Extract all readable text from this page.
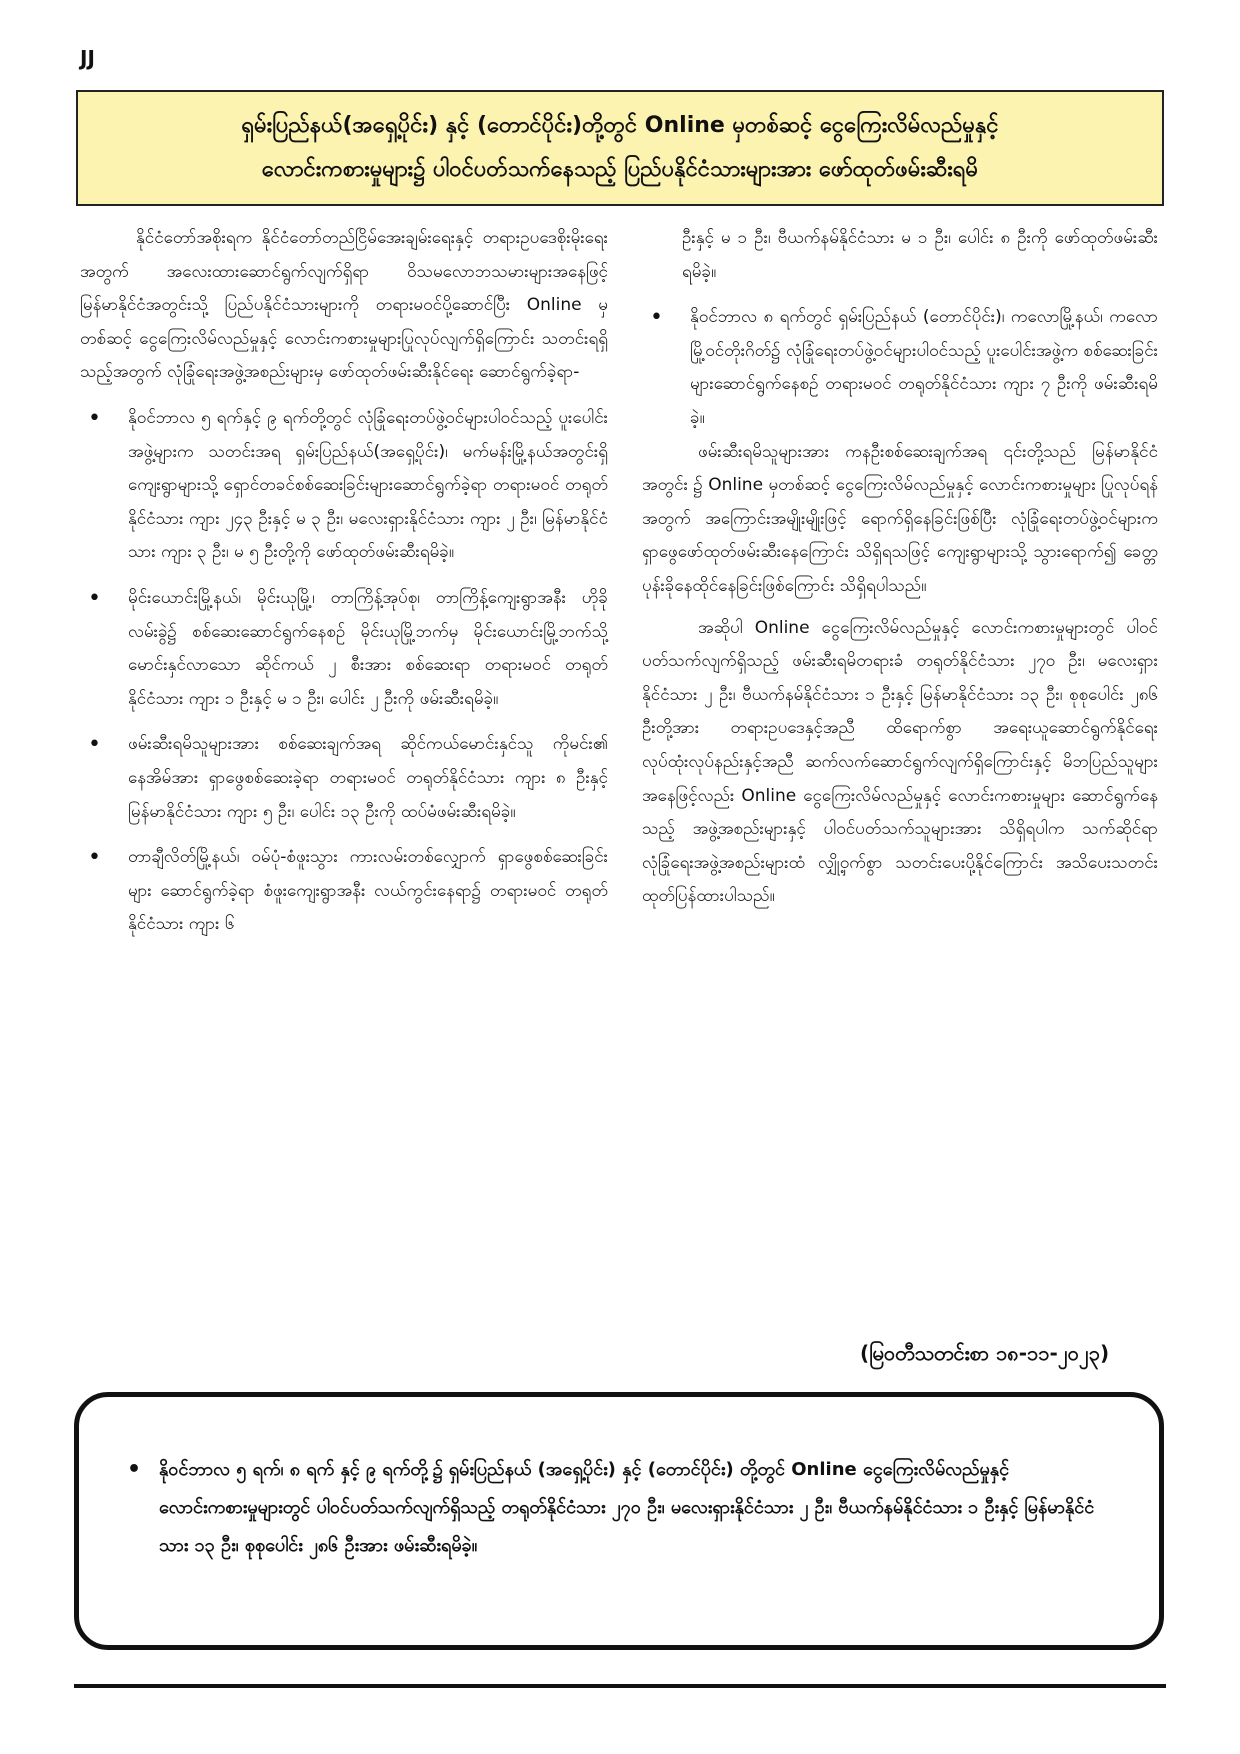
JJ
ရှမ်းပြည်နယ်(အရှေ့ပိုင်း) နှင့် (တောင်ပိုင်း)တို့တွင် Online မှတစ်ဆင့် ငွေကြေးလိမ်လည်မှုနှင့်
လောင်းကစားမှုများ၌ ပါဝင်ပတ်သက်နေသည့် ပြည်ပနိုင်ငံသားများအား ဖော်ထုတ်ဖမ်းဆီးရမိ

နိုင်ငံတော်အစိုးရက နိုင်ငံတော်တည်ငြိမ်အေးချမ်းရေးနှင့် တရားဥပဒေစိုးမိုးရေးအတွက် အလေးထားဆောင်ရွက်လျက်ရှိရာ ဝိသမလောဘသမားများအနေဖြင့် မြန်မာနိုင်ငံအတွင်းသို့ ပြည်ပနိုင်ငံသားများကို တရားမဝင်ပို့ဆောင်ပြီး Online မှတစ်ဆင့် ငွေကြေးလိမ်လည်မှုနှင့် လောင်းကစားမှုများပြုလုပ်လျက်ရှိကြောင်း သတင်းရရှိသည့်အတွက် လုံခြုံရေးအဖွဲ့အစည်းများမှ ဖော်ထုတ်ဖမ်းဆီးနိုင်ရေး ဆောင်ရွက်ခဲ့ရာ-

• နိုဝင်ဘာလ ၅ ရက်နှင့် ၉ ရက်တို့တွင် လုံခြုံရေးတပ်ဖွဲ့ဝင်များပါဝင်သည့် ပူးပေါင်းအဖွဲ့များက သတင်းအရ ရှမ်းပြည်နယ်(အရှေ့ပိုင်း)၊ မက်မန်းမြို့နယ်အတွင်းရှိ ကျေးရွာများသို့ ရှောင်တခင်စစ်ဆေးခြင်းများဆောင်ရွက်ခဲ့ရာ တရားမဝင် တရုတ်နိုင်ငံသား ကျား ၂၄၃ ဦးနှင့် မ ၃ ဦး၊ မလေးရှားနိုင်ငံသား ကျား ၂ ဦး၊ မြန်မာနိုင်ငံသား ကျား ၃ ဦး၊ မ ၅ ဦးတို့ကို ဖော်ထုတ်ဖမ်းဆီးရမိခဲ့။
• မိုင်းယောင်းမြို့နယ်၊ မိုင်းယုမြို့၊ တာကြိန့်အုပ်စု၊ တာကြိန့်ကျေးရွာအနီး ဟိုခိုလမ်းခွဲ၌ စစ်ဆေးဆောင်ရွက်နေစဉ် မိုင်းယုမြို့ဘက်မှ မိုင်းယောင်းမြို့ဘက်သို့ မောင်းနှင်လာသော ဆိုင်ကယ် ၂ စီးအား စစ်ဆေးရာ တရားမဝင် တရုတ်နိုင်ငံသား ကျား ၁ ဦးနှင့် မ ၁ ဦး၊ ပေါင်း ၂ ဦးကို ဖမ်းဆီးရမိခဲ့။
• ဖမ်းဆီးရမိသူများအား စစ်ဆေးချက်အရ ဆိုင်ကယ်မောင်းနှင်သူ ကိုမင်း၏ နေအိမ်အား ရှာဖွေစစ်ဆေးခဲ့ရာ တရားမဝင် တရုတ်နိုင်ငံသား ကျား ၈ ဦးနှင့် မြန်မာနိုင်ငံသား ကျား ၅ ဦး၊ ပေါင်း ၁၃ ဦးကို ထပ်မံဖမ်းဆီးရမိခဲ့။
• တာချီလိတ်မြို့နယ်၊ ဝမ်ပုံ-စံဖူးသွား ကားလမ်းတစ်လျှောက် ရှာဖွေစစ်ဆေးခြင်းများ ဆောင်ရွက်ခဲ့ရာ စံဖူးကျေးရွာအနီး လယ်ကွင်းနေရာ၌ တရားမဝင် တရုတ်နိုင်ငံသား ကျား ၆

ဦးနှင့် မ ၁ ဦး၊ ဗီယက်နမ်နိုင်ငံသား မ ၁ ဦး၊ ပေါင်း ၈ ဦးကို ဖော်ထုတ်ဖမ်းဆီးရမိခဲ့။

• နိုဝင်ဘာလ ၈ ရက်တွင် ရှမ်းပြည်နယ် (တောင်ပိုင်း)၊ ကလောမြို့နယ်၊ ကလောမြို့ဝင်တိုးဂိတ်၌ လုံခြုံရေးတပ်ဖွဲ့ဝင်များပါဝင်သည့် ပူးပေါင်းအဖွဲ့က စစ်ဆေးခြင်းများဆောင်ရွက်နေစဉ် တရားမဝင် တရုတ်နိုင်ငံသား ကျား ၇ ဦးကို ဖမ်းဆီးရမိခဲ့။

ဖမ်းဆီးရမိသူများအား ကနဦးစစ်ဆေးချက်အရ ၎င်းတို့သည် မြန်မာနိုင်ငံအတွင်း ၌ Online မှတစ်ဆင့် ငွေကြေးလိမ်လည်မှုနှင့် လောင်းကစားမှုများ ပြုလုပ်ရန်အတွက် အကြောင်းအမျိုးမျိုးဖြင့် ရောက်ရှိနေခြင်းဖြစ်ပြီး လုံခြုံရေးတပ်ဖွဲ့ဝင်များက ရှာဖွေဖော်ထုတ်ဖမ်းဆီးနေကြောင်း သိရှိရသဖြင့် ကျေးရွာများသို့ သွားရောက်၍ ခေတ္တပုန်းခိုနေထိုင်နေခြင်းဖြစ်ကြောင်း သိရှိရပါသည်။

အဆိုပါ Online ငွေကြေးလိမ်လည်မှုနှင့် လောင်းကစားမှုများတွင် ပါဝင်ပတ်သက်လျက်ရှိသည့် ဖမ်းဆီးရမိတရားခံ တရုတ်နိုင်ငံသား ၂၇၀ ဦး၊ မလေးရှားနိုင်ငံသား ၂ ဦး၊ ဗီယက်နမ်နိုင်ငံသား ၁ ဦးနှင့် မြန်မာနိုင်ငံသား ၁၃ ဦး၊ စုစုပေါင်း ၂၈၆ ဦးတို့အား တရားဥပဒေနှင့်အညီ ထိရောက်စွာ အရေးယူဆောင်ရွက်နိုင်ရေး လုပ်ထုံးလုပ်နည်းနှင့်အညီ ဆက်လက်ဆောင်ရွက်လျက်ရှိကြောင်းနှင့် မိဘပြည်သူများအနေဖြင့်လည်း Online ငွေကြေးလိမ်လည်မှုနှင့် လောင်းကစားမှုများ ဆောင်ရွက်နေသည့် အဖွဲ့အစည်းများနှင့် ပါဝင်ပတ်သက်သူများအား သိရှိရပါက သက်ဆိုင်ရာလုံခြုံရေးအဖွဲ့အစည်းများထံ လျှို့ဝှက်စွာ သတင်းပေးပို့နိုင်ကြောင်း အသိပေးသတင်းထုတ်ပြန်ထားပါသည်။

(မြဝတီသတင်းစာ ၁၈-၁၁-၂၀၂၃)
• နိုဝင်ဘာလ ၅ ရက်၊ ၈ ရက် နှင့် ၉ ရက်တို့၌ ရှမ်းပြည်နယ် (အရှေ့ပိုင်း) နှင့် (တောင်ပိုင်း) တို့တွင် Online ငွေကြေးလိမ်လည်မှုနှင့် လောင်းကစားမှုများတွင် ပါဝင်ပတ်သက်လျက်ရှိသည့် တရုတ်နိုင်ငံသား ၂၇၀ ဦး၊ မလေးရှားနိုင်ငံသား ၂ ဦး၊ ဗီယက်နမ်နိုင်ငံသား ၁ ဦးနှင့် မြန်မာနိုင်ငံသား ၁၃ ဦး၊ စုစုပေါင်း ၂၈၆ ဦးအား ဖမ်းဆီးရမိခဲ့။
